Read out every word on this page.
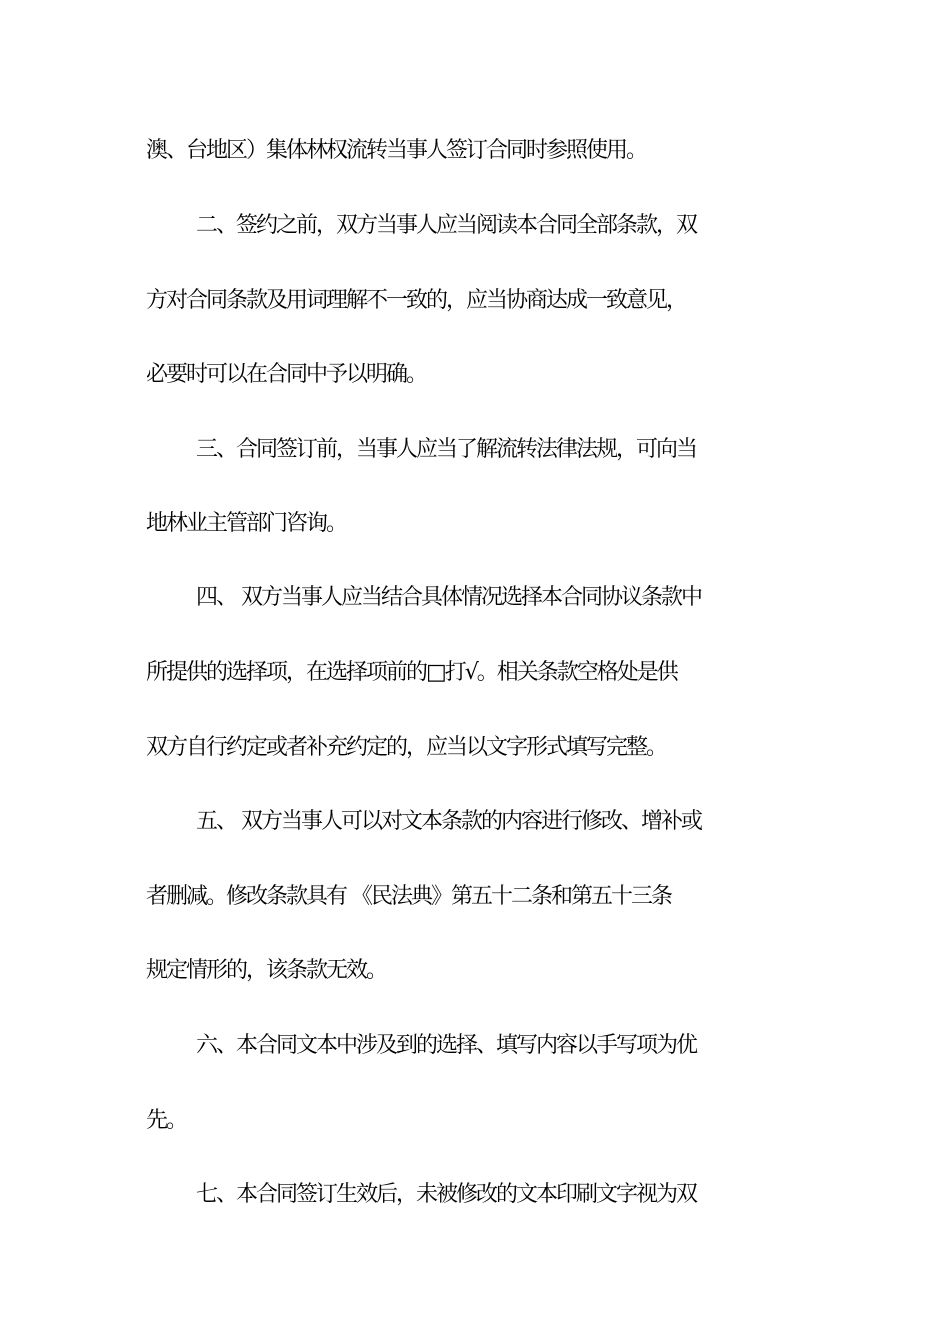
澳、台地区）集体林权流转当事人签订合同时参照使用。
二、签约之前，双方当事人应当阅读本合同全部条款，双
方对合同条款及用词理解不一致的，应当协商达成一致意见，
必要时可以在合同中予以明确。
三、合同签订前，当事人应当了解流转法律法规，可向当
地林业主管部门咨询。
四、 双方当事人应当结合具体情况选择本合同协议条款中
所提供的选择项，在选择项前的□打√。相关条款空格处是供
双方自行约定或者补充约定的，应当以文字形式填写完整。
五、 双方当事人可以对文本条款的内容进行修改、增补或
者删减。修改条款具有 《民法典》第五十二条和第五十三条
规定情形的，该条款无效。
六、本合同文本中涉及到的选择、填写内容以手写项为优
先。
七、本合同签订生效后，未被修改的文本印刷文字视为双
